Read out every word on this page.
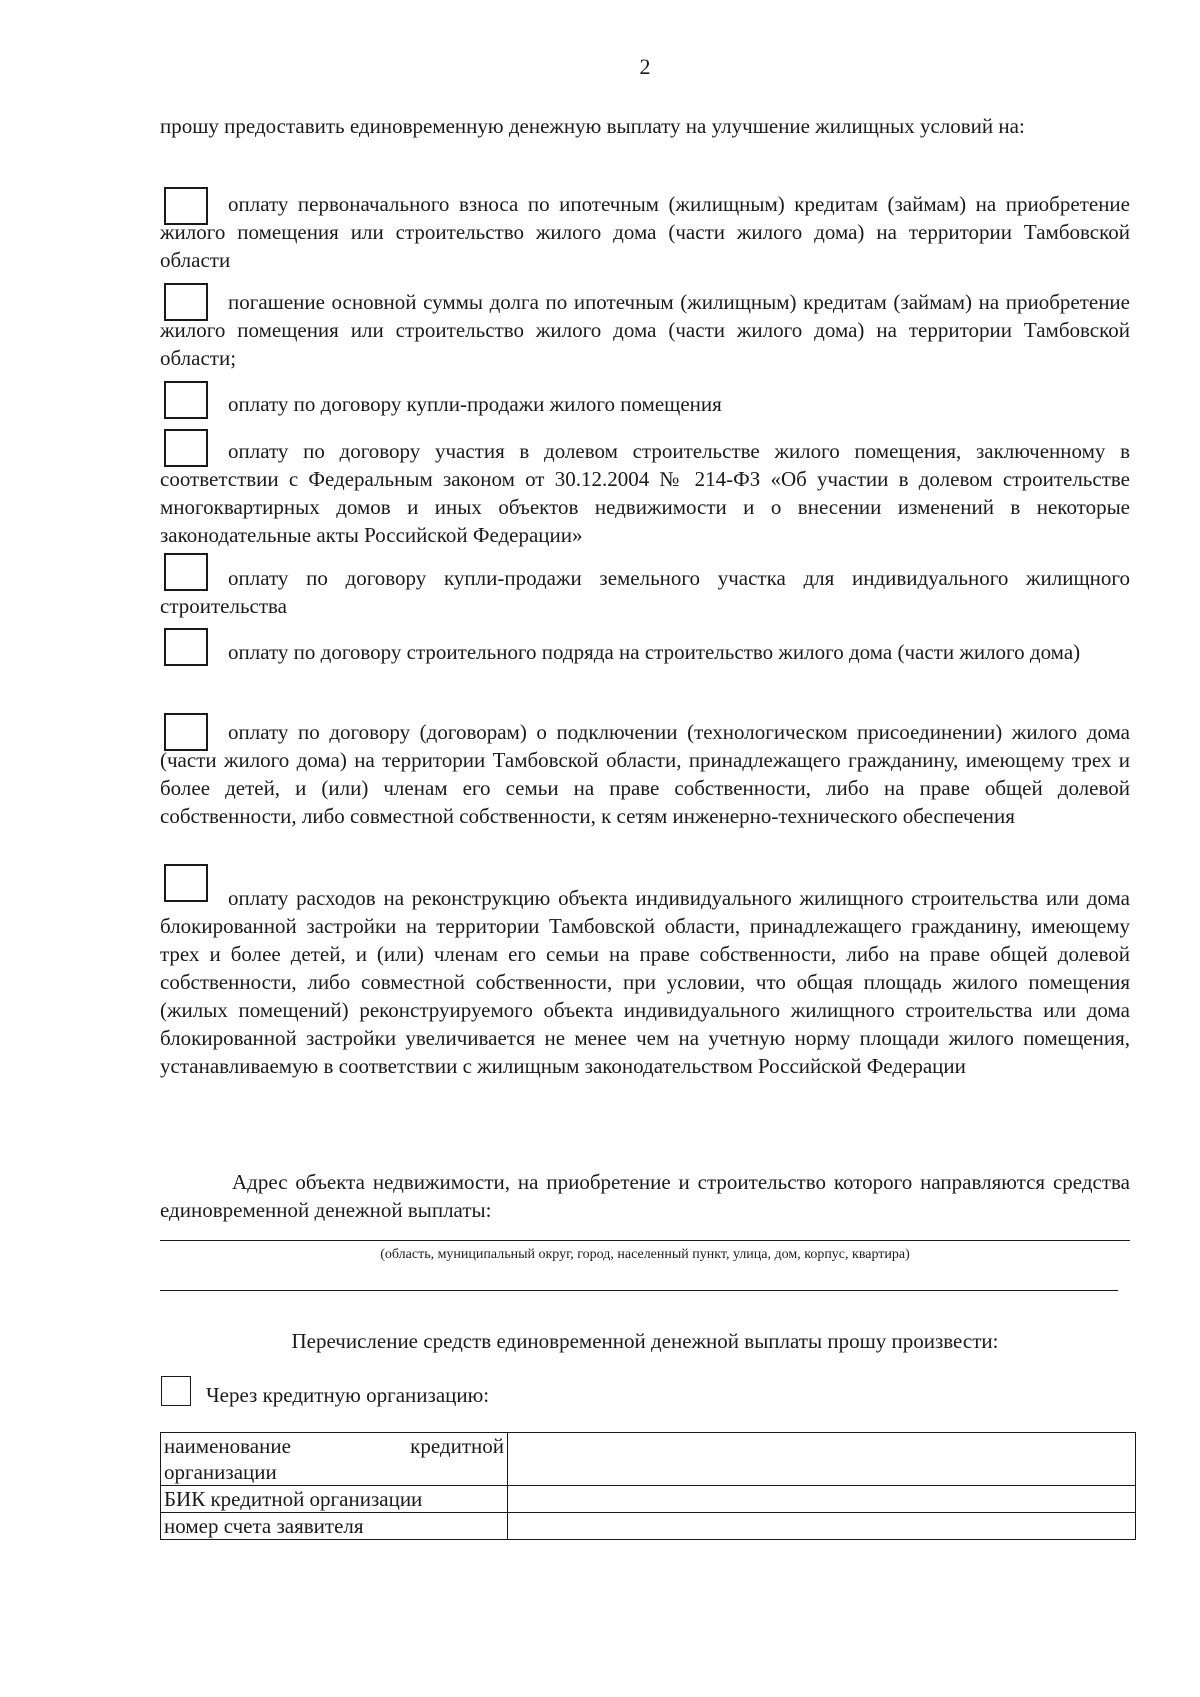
2
прошу предоставить единовременную денежную выплату на улучшение жилищных условий на:
оплату первоначального взноса по ипотечным (жилищным) кредитам (займам) на приобретение жилого помещения или строительство жилого дома (части жилого дома) на территории Тамбовской области
погашение основной суммы долга по ипотечным (жилищным) кредитам (займам) на приобретение жилого помещения или строительство жилого дома (части жилого дома) на территории Тамбовской области;
оплату по договору купли-продажи жилого помещения
оплату по договору участия в долевом строительстве жилого помещения, заключенному в соответствии с Федеральным законом от 30.12.2004 № 214-ФЗ «Об участии в долевом строительстве многоквартирных домов и иных объектов недвижимости и о внесении изменений в некоторые законодательные акты Российской Федерации»
оплату по договору купли-продажи земельного участка для индивидуального жилищного строительства
оплату по договору строительного подряда на строительство жилого дома (части жилого дома)
оплату по договору (договорам) о подключении (технологическом присоединении) жилого дома (части жилого дома) на территории Тамбовской области, принадлежащего гражданину, имеющему трех и более детей, и (или) членам его семьи на праве собственности, либо на праве общей долевой собственности, либо совместной собственности, к сетям инженерно-технического обеспечения
оплату расходов на реконструкцию объекта индивидуального жилищного строительства или дома блокированной застройки на территории Тамбовской области, принадлежащего гражданину, имеющему трех и более детей, и (или) членам его семьи на праве собственности, либо на праве общей долевой собственности, либо совместной собственности, при условии, что общая площадь жилого помещения (жилых помещений) реконструируемого объекта индивидуального жилищного строительства или дома блокированной застройки увеличивается не менее чем на учетную норму площади жилого помещения, устанавливаемую в соответствии с жилищным законодательством Российской Федерации
Адрес объекта недвижимости, на приобретение и строительство которого направляются средства единовременной денежной выплаты:
(область, муниципальный округ, город, населенный пункт, улица, дом, корпус, квартира)
Перечисление средств единовременной денежной выплаты прошу произвести:
Через кредитную организацию:
наименование кредитной организации	
БИК кредитной организации	
номер счета заявителя	
